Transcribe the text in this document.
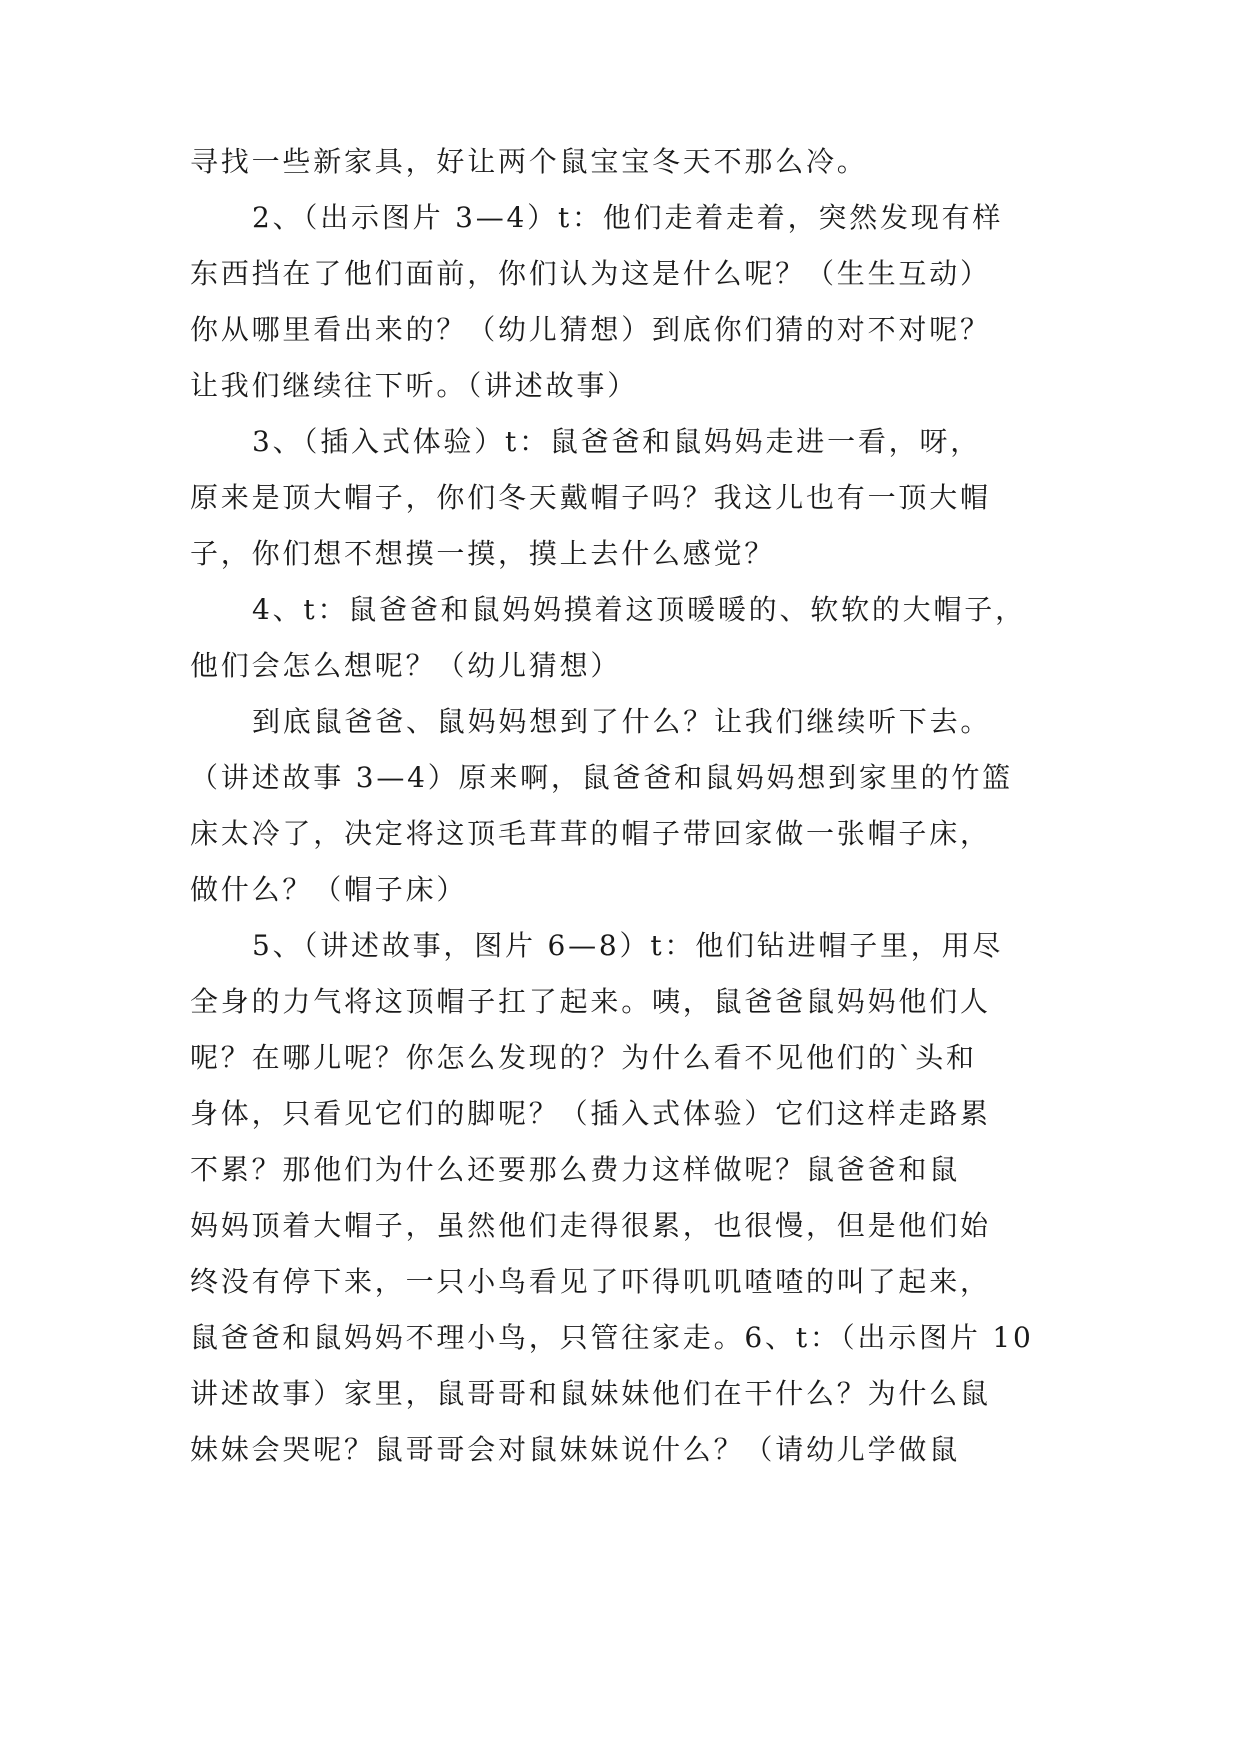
寻找一些新家具，好让两个鼠宝宝冬天不那么冷。
2、（出示图片 3—4）t：他们走着走着，突然发现有样
东西挡在了他们面前，你们认为这是什么呢？（生生互动）
你从哪里看出来的？（幼儿猜想）到底你们猜的对不对呢？
让我们继续往下听。（讲述故事）
3、（插入式体验）t：鼠爸爸和鼠妈妈走进一看，呀，
原来是顶大帽子，你们冬天戴帽子吗？我这儿也有一顶大帽
子，你们想不想摸一摸，摸上去什么感觉？
4、t：鼠爸爸和鼠妈妈摸着这顶暖暖的、软软的大帽子，
他们会怎么想呢？（幼儿猜想）
到底鼠爸爸、鼠妈妈想到了什么？让我们继续听下去。
（讲述故事 3—4）原来啊，鼠爸爸和鼠妈妈想到家里的竹篮
床太冷了，决定将这顶毛茸茸的帽子带回家做一张帽子床，
做什么？（帽子床）
5、（讲述故事，图片 6—8）t：他们钻进帽子里，用尽
全身的力气将这顶帽子扛了起来。咦，鼠爸爸鼠妈妈他们人
呢？在哪儿呢？你怎么发现的？为什么看不见他们的`头和
身体，只看见它们的脚呢？（插入式体验）它们这样走路累
不累？那他们为什么还要那么费力这样做呢？鼠爸爸和鼠
妈妈顶着大帽子，虽然他们走得很累，也很慢，但是他们始
终没有停下来，一只小鸟看见了吓得叽叽喳喳的叫了起来，
鼠爸爸和鼠妈妈不理小鸟，只管往家走。6、t：（出示图片 10
讲述故事）家里，鼠哥哥和鼠妹妹他们在干什么？为什么鼠
妹妹会哭呢？鼠哥哥会对鼠妹妹说什么？（请幼儿学做鼠
